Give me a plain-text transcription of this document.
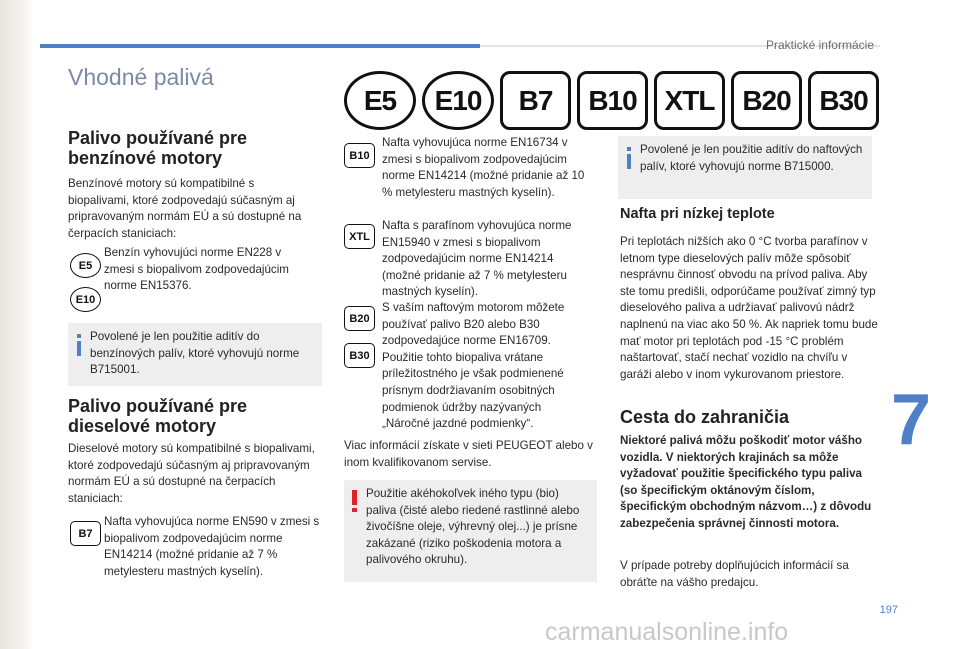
Praktické informácie
Vhodné palivá
E5	E10	B7	B10 XTL B20	B30
Palivo používané pre
benzínové motory
Benzínové motory sú kompatibilné s biopalivami, ktoré zodpovedajú súčasným aj pripravovaným normám EÚ a sú dostupné na čerpacích staniciach:
E5
E10
Benzín vyhovujúci norme EN228 v zmesi s biopalivom zodpovedajúcim norme EN15376.
Povolené je len použitie aditív do benzínových palív, ktoré vyhovujú norme B715001.
Palivo používané pre
dieselové motory
Dieselové motory sú kompatibilné s biopalivami, ktoré zodpovedajú súčasným aj pripravovaným normám EÚ a sú dostupné na čerpacích staniciach:
B7
Nafta vyhovujúca norme EN590 v zmesi s biopalivom zodpovedajúcim norme EN14214 (možné pridanie až 7 % metylesteru mastných kyselín).
B10
Nafta vyhovujúca norme EN16734 v zmesi s biopalivom zodpovedajúcim norme EN14214 (možné pridanie až 10 % metylesteru mastných kyselín).
XTL
Nafta s parafínom vyhovujúca norme EN15940 v zmesi s biopalivom zodpovedajúcim norme EN14214 (možné pridanie až 7 % metylesteru mastných kyselín).
B20
B30
S vaším naftovým motorom môžete používať palivo B20 alebo B30 zodpovedajúce norme EN16709. Použitie tohto biopaliva vrátane príležitostného je však podmienené prísnym dodržiavaním osobitných podmienok údržby nazývaných „Náročné jazdné podmienky“.
Viac informácií získate v sieti PEUGEOT alebo v inom kvalifikovanom servise.
Použitie akéhokoľvek iného typu (bio) paliva (čisté alebo riedené rastlinné alebo živočíšne oleje, výhrevný olej...) je prísne zakázané (riziko poškodenia motora a palivového okruhu).
Povolené je len použitie aditív do naftových palív, ktoré vyhovujú norme B715000.
Nafta pri nízkej teplote
Pri teplotách nižších ako 0 °C tvorba parafínov v letnom type dieselových palív môže spôsobiť nesprávnu činnosť obvodu na prívod paliva. Aby ste tomu predišli, odporúčame používať zimný typ dieselového paliva a udržiavať palivovú nádrž naplnenú na viac ako 50 %. Ak napriek tomu bude mať motor pri teplotách pod -15 °C problém naštartovať, stačí nechať vozidlo na chvíľu v garáži alebo v inom vykurovanom priestore.
Cesta do zahraničia
Niektoré palivá môžu poškodiť motor vášho vozidla. V niektorých krajinách sa môže vyžadovať použitie špecifického typu paliva (so špecifickým oktánovým číslom, špecifickým obchodným názvom…) z dôvodu zabezpečenia správnej činnosti motora.
V prípade potreby doplňujúcich informácií sa obráťte na vášho predajcu.
7
197
carmanualsonline.info
